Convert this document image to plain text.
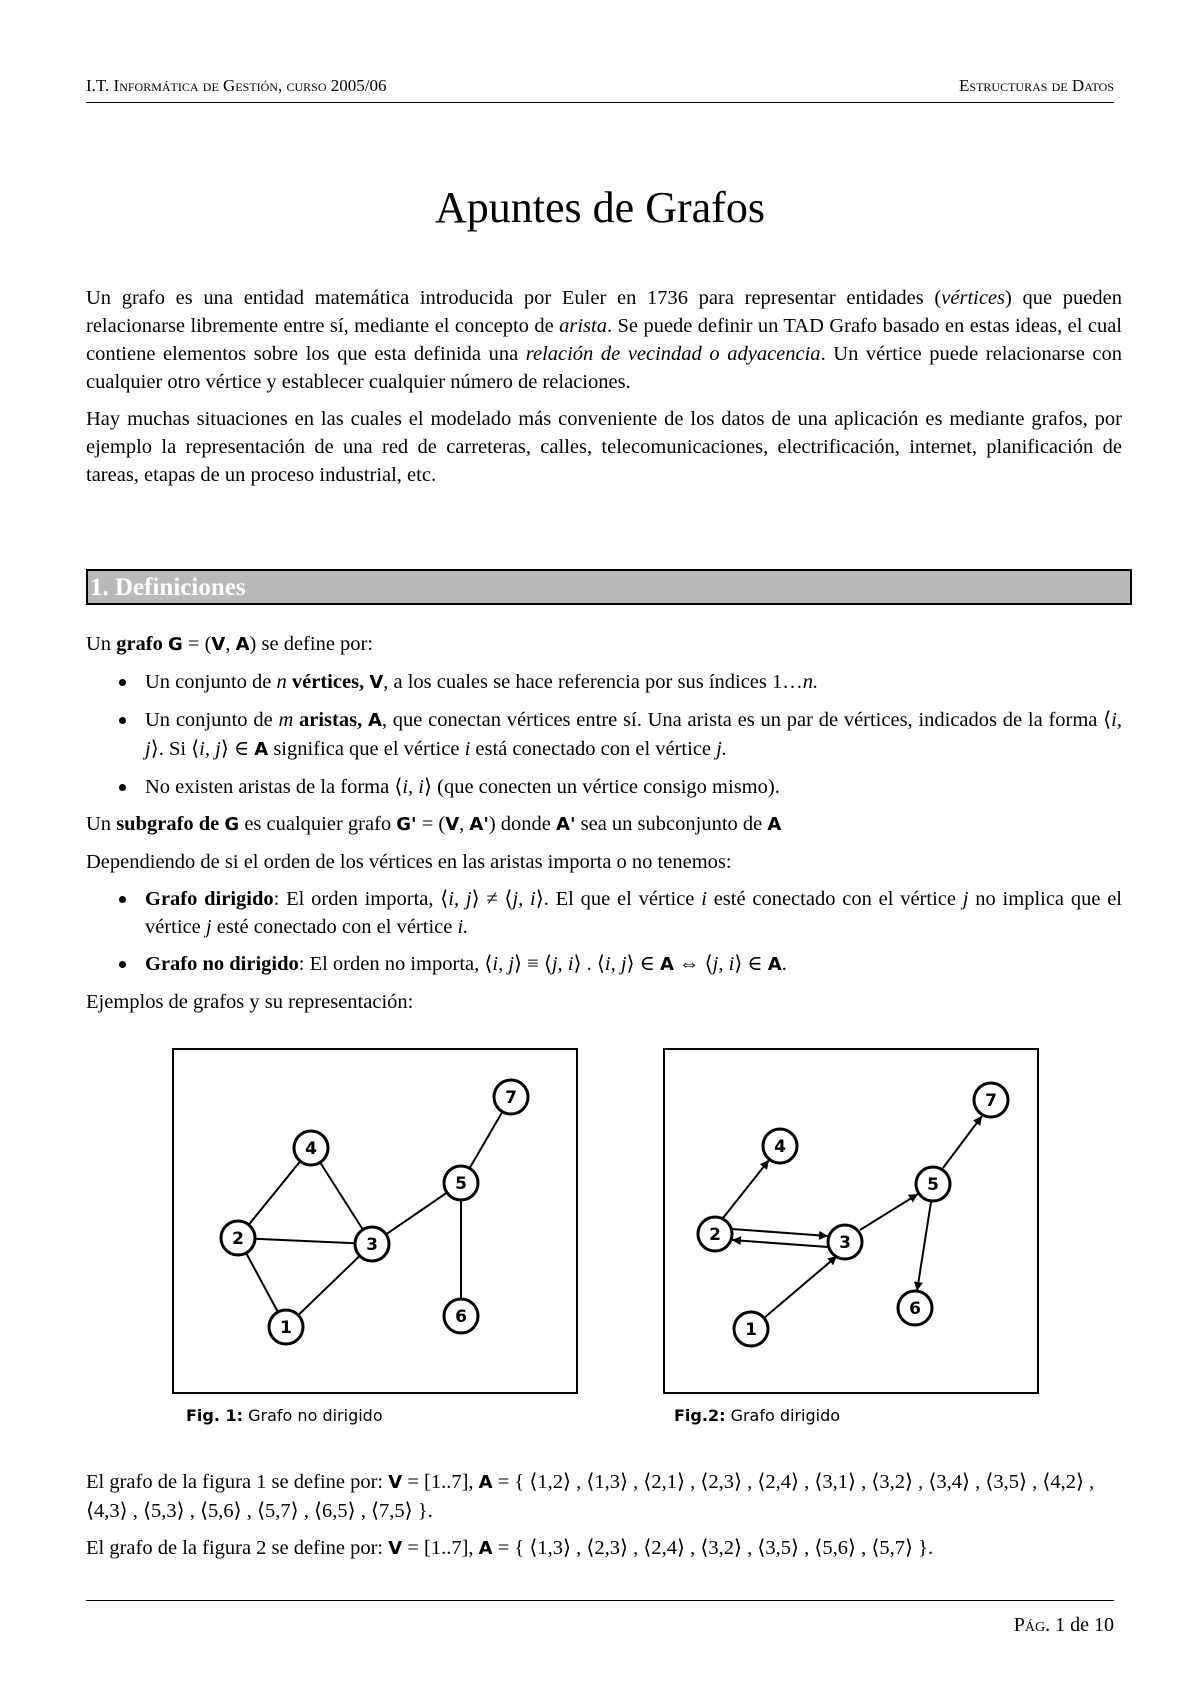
I.T. Informática de Gestión, curso 2005/06	Estructuras de Datos
Apuntes de Grafos

Un grafo es una entidad matemática introducida por Euler en 1736 para representar entidades (vértices) que pueden relacionarse libremente entre sí, mediante el concepto de arista. Se puede definir un TAD Grafo basado en estas ideas, el cual contiene elementos sobre los que esta definida una relación de vecindad o adyacencia. Un vértice puede relacionarse con cualquier otro vértice y establecer cualquier número de relaciones.

Hay muchas situaciones en las cuales el modelado más conveniente de los datos de una aplicación es mediante grafos, por ejemplo la representación de una red de carreteras, calles, telecomunicaciones, electrificación, internet, planificación de tareas, etapas de un proceso industrial, etc.

1. Definiciones

Un grafo G = (V, A) se define por:

Un conjunto de n vértices, V, a los cuales se hace referencia por sus índices 1…n.
Un conjunto de m aristas, A, que conectan vértices entre sí. Una arista es un par de vértices, indicados de la forma ⟨i, j⟩. Si ⟨i, j⟩ ∈ A significa que el vértice i está conectado con el vértice j.
No existen aristas de la forma ⟨i, i⟩ (que conecten un vértice consigo mismo).

Un subgrafo de G es cualquier grafo G' = (V, A') donde A' sea un subconjunto de A

Dependiendo de si el orden de los vértices en las aristas importa o no tenemos:

Grafo dirigido: El orden importa, ⟨i, j⟩ ≠ ⟨j, i⟩. El que el vértice i esté conectado con el vértice j no implica que el vértice j esté conectado con el vértice i.
Grafo no dirigido: El orden no importa, ⟨i, j⟩ ≡ ⟨j, i⟩ . ⟨i, j⟩ ∈ A ⇔ ⟨j, i⟩ ∈ A.

Ejemplos de grafos y su representación:

1
2	3
4
5
6
7
Fig. 1: Grafo no dirigido
1
2	3
4
5
6
7
Fig.2: Grafo dirigido

El grafo de la figura 1 se define por: V = [1..7], A = { ⟨1,2⟩ , ⟨1,3⟩ , ⟨2,1⟩ , ⟨2,3⟩ , ⟨2,4⟩ , ⟨3,1⟩ , ⟨3,2⟩ , ⟨3,4⟩ , ⟨3,5⟩ , ⟨4,2⟩ , ⟨4,3⟩ , ⟨5,3⟩ , ⟨5,6⟩ , ⟨5,7⟩ , ⟨6,5⟩ , ⟨7,5⟩ }.

El grafo de la figura 2 se define por: V = [1..7], A = { ⟨1,3⟩ , ⟨2,3⟩ , ⟨2,4⟩ , ⟨3,2⟩ , ⟨3,5⟩ , ⟨5,6⟩ , ⟨5,7⟩ }.

Pág. 1 de 10
